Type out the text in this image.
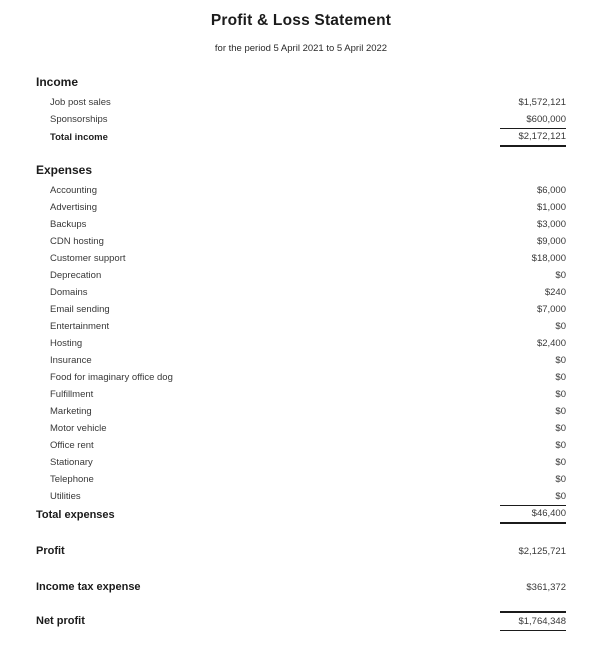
Profit & Loss Statement

for the period 5 April 2021 to 5 April 2022

Income
Job post sales	$1,572,121
Sponsorships	$600,000
Total income	$2,172,121
Expenses
Accounting	$6,000
Advertising	$1,000
Backups	$3,000
CDN hosting	$9,000
Customer support	$18,000
Deprecation	$0
Domains	$240
Email sending	$7,000
Entertainment	$0
Hosting	$2,400
Insurance	$0
Food for imaginary office dog	$0
Fulfillment	$0
Marketing	$0
Motor vehicle	$0
Office rent	$0
Stationary	$0
Telephone	$0
Utilities	$0
Total expenses	$46,400
Profit	$2,125,721
Income tax expense	$361,372
Net profit	$1,764,348
